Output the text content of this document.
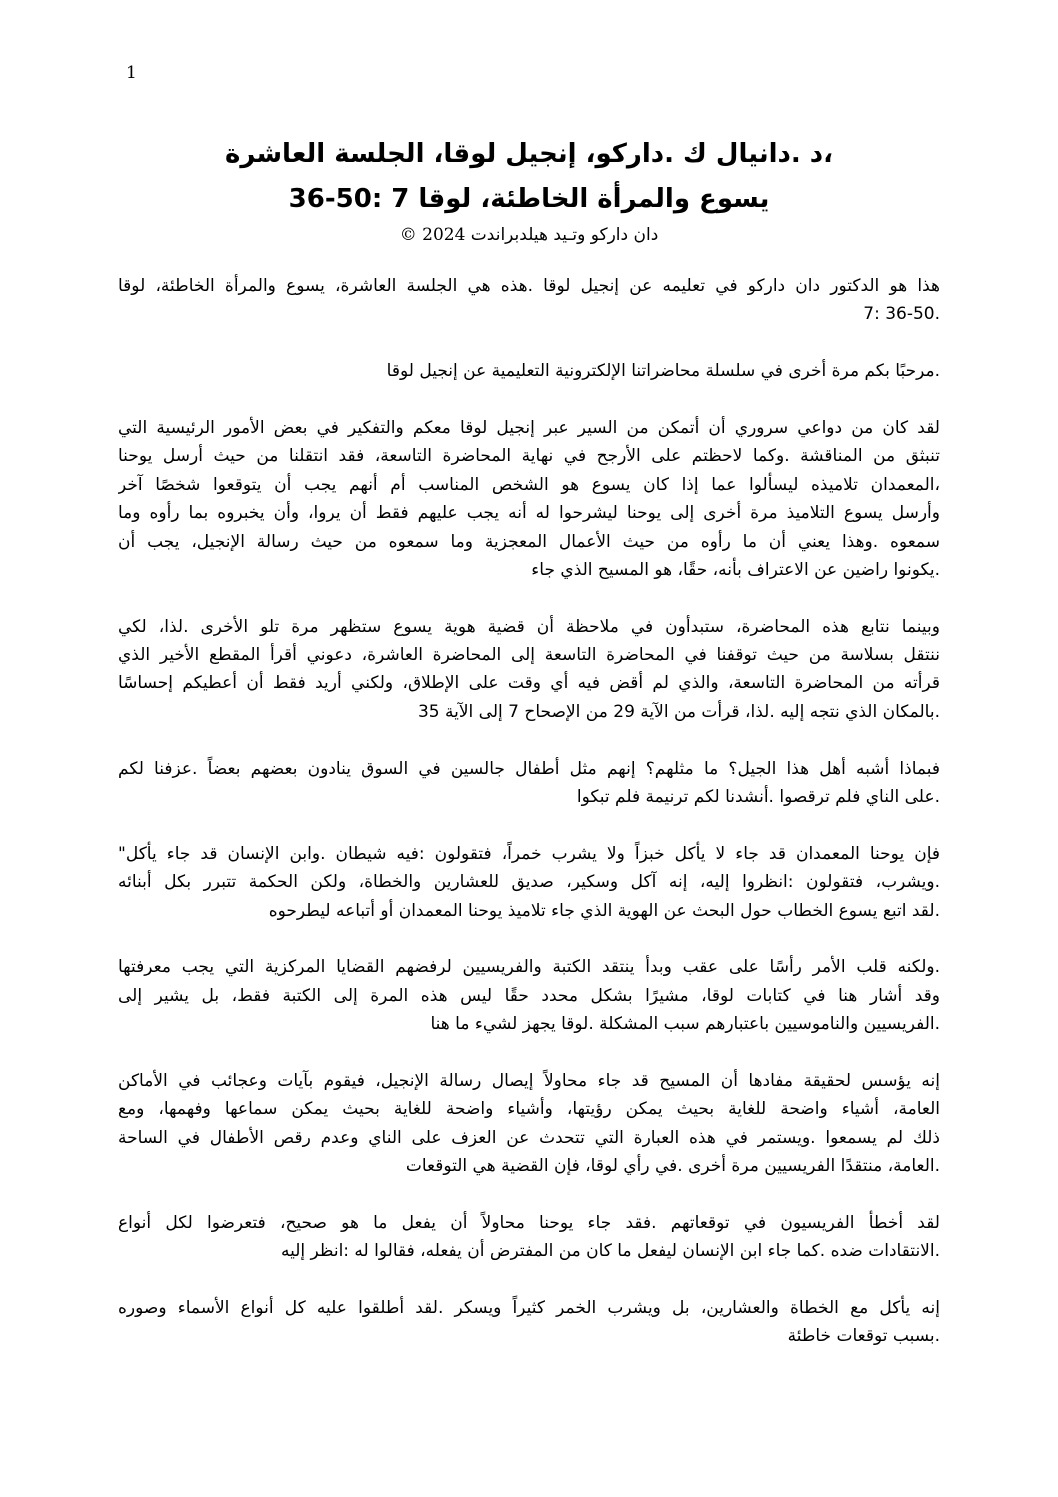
1
،د .دانيال ك .داركو، إنجيل لوقا، الجلسة العاشرة
يسوع والمرأة الخاطئة، لوقا 7 :50-36
دان داركو وتـيد هيلدبراندت 2024 ©
هذا هو الدكتور دان داركو في تعليمه عن إنجيل لوقا .هذه هي الجلسة العاشرة، يسوع والمرأة الخاطئة، لوقا
7: 36-50.
.مرحبًا بكم مرة أخرى في سلسلة محاضراتنا الإلكترونية التعليمية عن إنجيل لوقا
لقد كان من دواعي سروري أن أتمكن من السير عبر إنجيل لوقا معكم والتفكير في بعض الأمور الرئيسية التي
تنبثق من المناقشة .وكما لاحظتم على الأرجح في نهاية المحاضرة التاسعة، فقد انتقلنا من حيث أرسل يوحنا
،المعمدان تلاميذه ليسألوا عما إذا كان يسوع هو الشخص المناسب أم أنهم يجب أن يتوقعوا شخصًا آخر
وأرسل يسوع التلاميذ مرة أخرى إلى يوحنا ليشرحوا له أنه يجب عليهم فقط أن يروا، وأن يخبروه بما رأوه وما
سمعوه .وهذا يعني أن ما رأوه من حيث الأعمال المعجزية وما سمعوه من حيث رسالة الإنجيل، يجب أن
.يكونوا راضين عن الاعتراف بأنه، حقًا، هو المسيح الذي جاء
وبينما نتابع هذه المحاضرة، ستبدأون في ملاحظة أن قضية هوية يسوع ستظهر مرة تلو الأخرى .لذا، لكي
ننتقل بسلاسة من حيث توقفنا في المحاضرة التاسعة إلى المحاضرة العاشرة، دعوني أقرأ المقطع الأخير الذي
قرأته من المحاضرة التاسعة، والذي لم أقض فيه أي وقت على الإطلاق، ولكني أريد فقط أن أعطيكم إحساسًا
.بالمكان الذي نتجه إليه .لذا، قرأت من الآية 29 من الإصحاح 7 إلى الآية 35
فبماذا أشبه أهل هذا الجيل؟ ما مثلهم؟ إنهم مثل أطفال جالسين في السوق ينادون بعضهم بعضاً .عزفنا لكم
.على الناي فلم ترقصوا .أنشدنا لكم ترنيمة فلم تبكوا
فإن يوحنا المعمدان قد جاء لا يأكل خبزاً ولا يشرب خمراً، فتقولون :فيه شيطان .وابن الإنسان قد جاء يأكل"
.ويشرب، فتقولون :انظروا إليه، إنه آكل وسكير، صديق للعشارين والخطاة، ولكن الحكمة تتبرر بكل أبنائه
.لقد اتبع يسوع الخطاب حول البحث عن الهوية الذي جاء تلاميذ يوحنا المعمدان أو أتباعه ليطرحوه
.ولكنه قلب الأمر رأسًا على عقب وبدأ ينتقد الكتبة والفريسيين لرفضهم القضايا المركزية التي يجب معرفتها
وقد أشار هنا في كتابات لوقا، مشيرًا بشكل محدد حقًا ليس هذه المرة إلى الكتبة فقط، بل يشير إلى
.الفريسيين والناموسيين باعتبارهم سبب المشكلة .لوقا يجهز لشيء ما هنا
إنه يؤسس لحقيقة مفادها أن المسيح قد جاء محاولاً إيصال رسالة الإنجيل، فيقوم بآيات وعجائب في الأماكن
العامة، أشياء واضحة للغاية بحيث يمكن رؤيتها، وأشياء واضحة للغاية بحيث يمكن سماعها وفهمها، ومع
ذلك لم يسمعوا .ويستمر في هذه العبارة التي تتحدث عن العزف على الناي وعدم رقص الأطفال في الساحة
.العامة، منتقدًا الفريسيين مرة أخرى .في رأي لوقا، فإن القضية هي التوقعات
لقد أخطأ الفريسيون في توقعاتهم .فقد جاء يوحنا محاولاً أن يفعل ما هو صحيح، فتعرضوا لكل أنواع
.الانتقادات ضده .كما جاء ابن الإنسان ليفعل ما كان من المفترض أن يفعله، فقالوا له :انظر إليه
إنه يأكل مع الخطاة والعشارين، بل ويشرب الخمر كثيراً ويسكر .لقد أطلقوا عليه كل أنواع الأسماء وصوره
.بسبب توقعات خاطئة
